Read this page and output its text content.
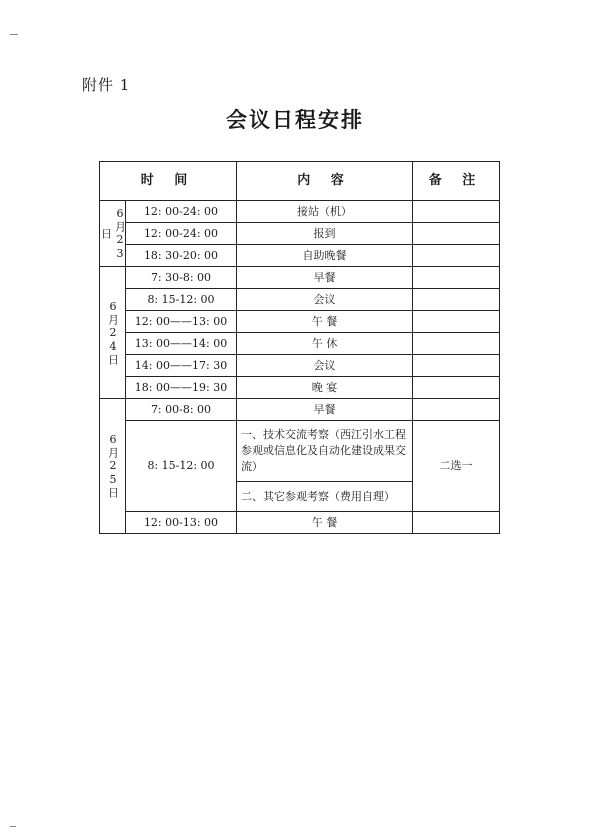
附件 1
会议日程安排
时 间		内 容	备 注
6月23日	12: 00-24: 00	接站（机）	
	12: 00-24: 00	报到	
	18: 30-20: 00	自助晚餐	
6月24日	7: 30-8: 00	早餐	
	8: 15-12: 00	会议	
	12: 00——13: 00	午 餐	
	13: 00——14: 00	午 休	
	14: 00——17: 30	会议	
	18: 00——19: 30	晚 宴	
6月25日	7: 00-8: 00	早餐	
	8: 15-12: 00	一、技术交流考察（西江引水工程参观或信息化及自动化建设成果交流）	二选一
		二、其它参观考察（费用自理）	
	12: 00-13: 00	午 餐	
